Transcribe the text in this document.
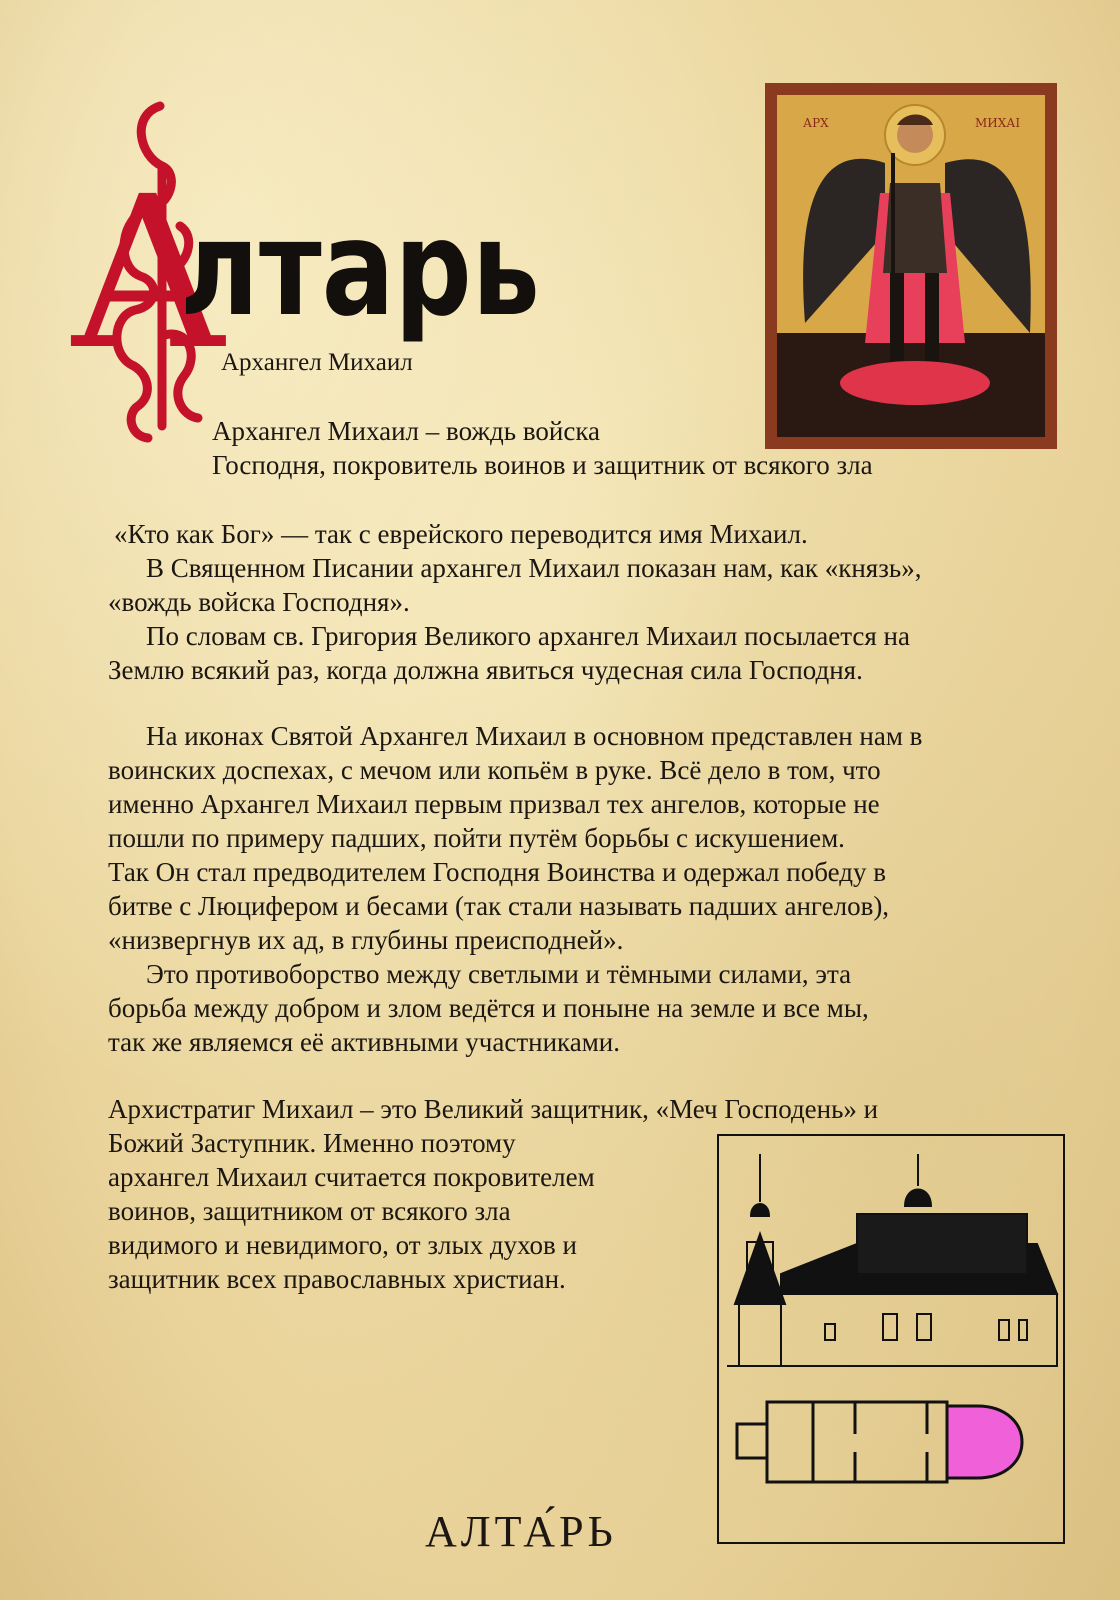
А
лтарь
Архангел Михаил
Архангел Михаил – вождь войска
Господня, покровитель воинов и защитник от всякого зла
АРХ	МИХАI
«Кто как Бог» — так с еврейского переводится имя Михаил.

В Священном Писании архангел Михаил показан нам, как «князь»,

«вождь войска Господня».

По словам св. Григория Великого архангел Михаил посылается на

Землю всякий раз, когда должна явиться чудесная сила Господня.

На иконах Святой Архангел Михаил в основном представлен нам в

воинских доспехах, с мечом или копьём в руке. Всё дело в том, что

именно Архангел Михаил первым призвал тех ангелов, которые не

пошли по примеру падших, пойти путём борьбы с искушением.

Так Он стал предводителем Господня Воинства и одержал победу в

битве с Люцифером и бесами (так стали называть падших ангелов),

«низвергнув их ад, в глубины преисподней».

Это противоборство между светлыми и тёмными силами, эта

борьба между добром и злом ведётся и поныне на земле и все мы,

так же являемся её активными участниками.

Архистратиг Михаил – это Великий защитник, «Меч Господень» и

Божий Заступник. Именно поэтому

архангел Михаил считается покровителем

воинов, защитником от всякого зла

видимого и невидимого, от злых духов и

защитник всех православных христиан.

АЛТА́РЬ
